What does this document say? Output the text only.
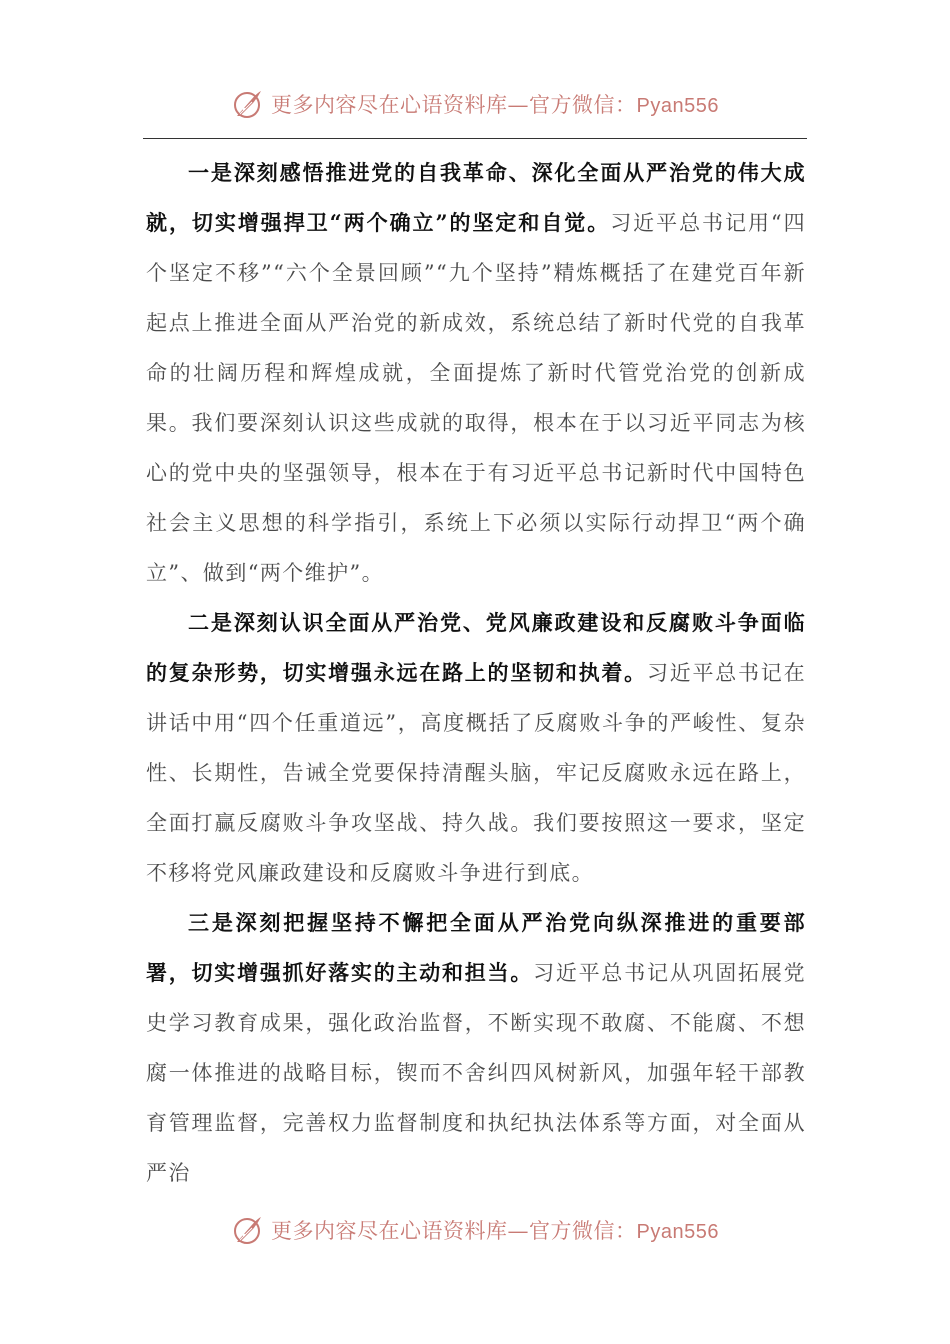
更多内容尽在心语资料库—官方微信：Pyan556

一是深刻感悟推进党的自我革命、深化全面从严治党的伟大成就，切实增强捍卫“两个确立”的坚定和自觉。习近平总书记用“四个坚定不移”“六个全景回顾”“九个坚持”精炼概括了在建党百年新起点上推进全面从严治党的新成效，系统总结了新时代党的自我革命的壮阔历程和辉煌成就，全面提炼了新时代管党治党的创新成果。我们要深刻认识这些成就的取得，根本在于以习近平同志为核心的党中央的坚强领导，根本在于有习近平总书记新时代中国特色社会主义思想的科学指引，系统上下必须以实际行动捍卫“两个确立”、做到“两个维护”。

二是深刻认识全面从严治党、党风廉政建设和反腐败斗争面临的复杂形势，切实增强永远在路上的坚韧和执着。习近平总书记在讲话中用“四个任重道远”，高度概括了反腐败斗争的严峻性、复杂性、长期性，告诫全党要保持清醒头脑，牢记反腐败永远在路上，全面打赢反腐败斗争攻坚战、持久战。我们要按照这一要求，坚定不移将党风廉政建设和反腐败斗争进行到底。

三是深刻把握坚持不懈把全面从严治党向纵深推进的重要部署，切实增强抓好落实的主动和担当。习近平总书记从巩固拓展党史学习教育成果，强化政治监督，不断实现不敢腐、不能腐、不想腐一体推进的战略目标，锲而不舍纠四风树新风，加强年轻干部教育管理监督，完善权力监督制度和执纪执法体系等方面，对全面从严治

更多内容尽在心语资料库—官方微信：Pyan556
